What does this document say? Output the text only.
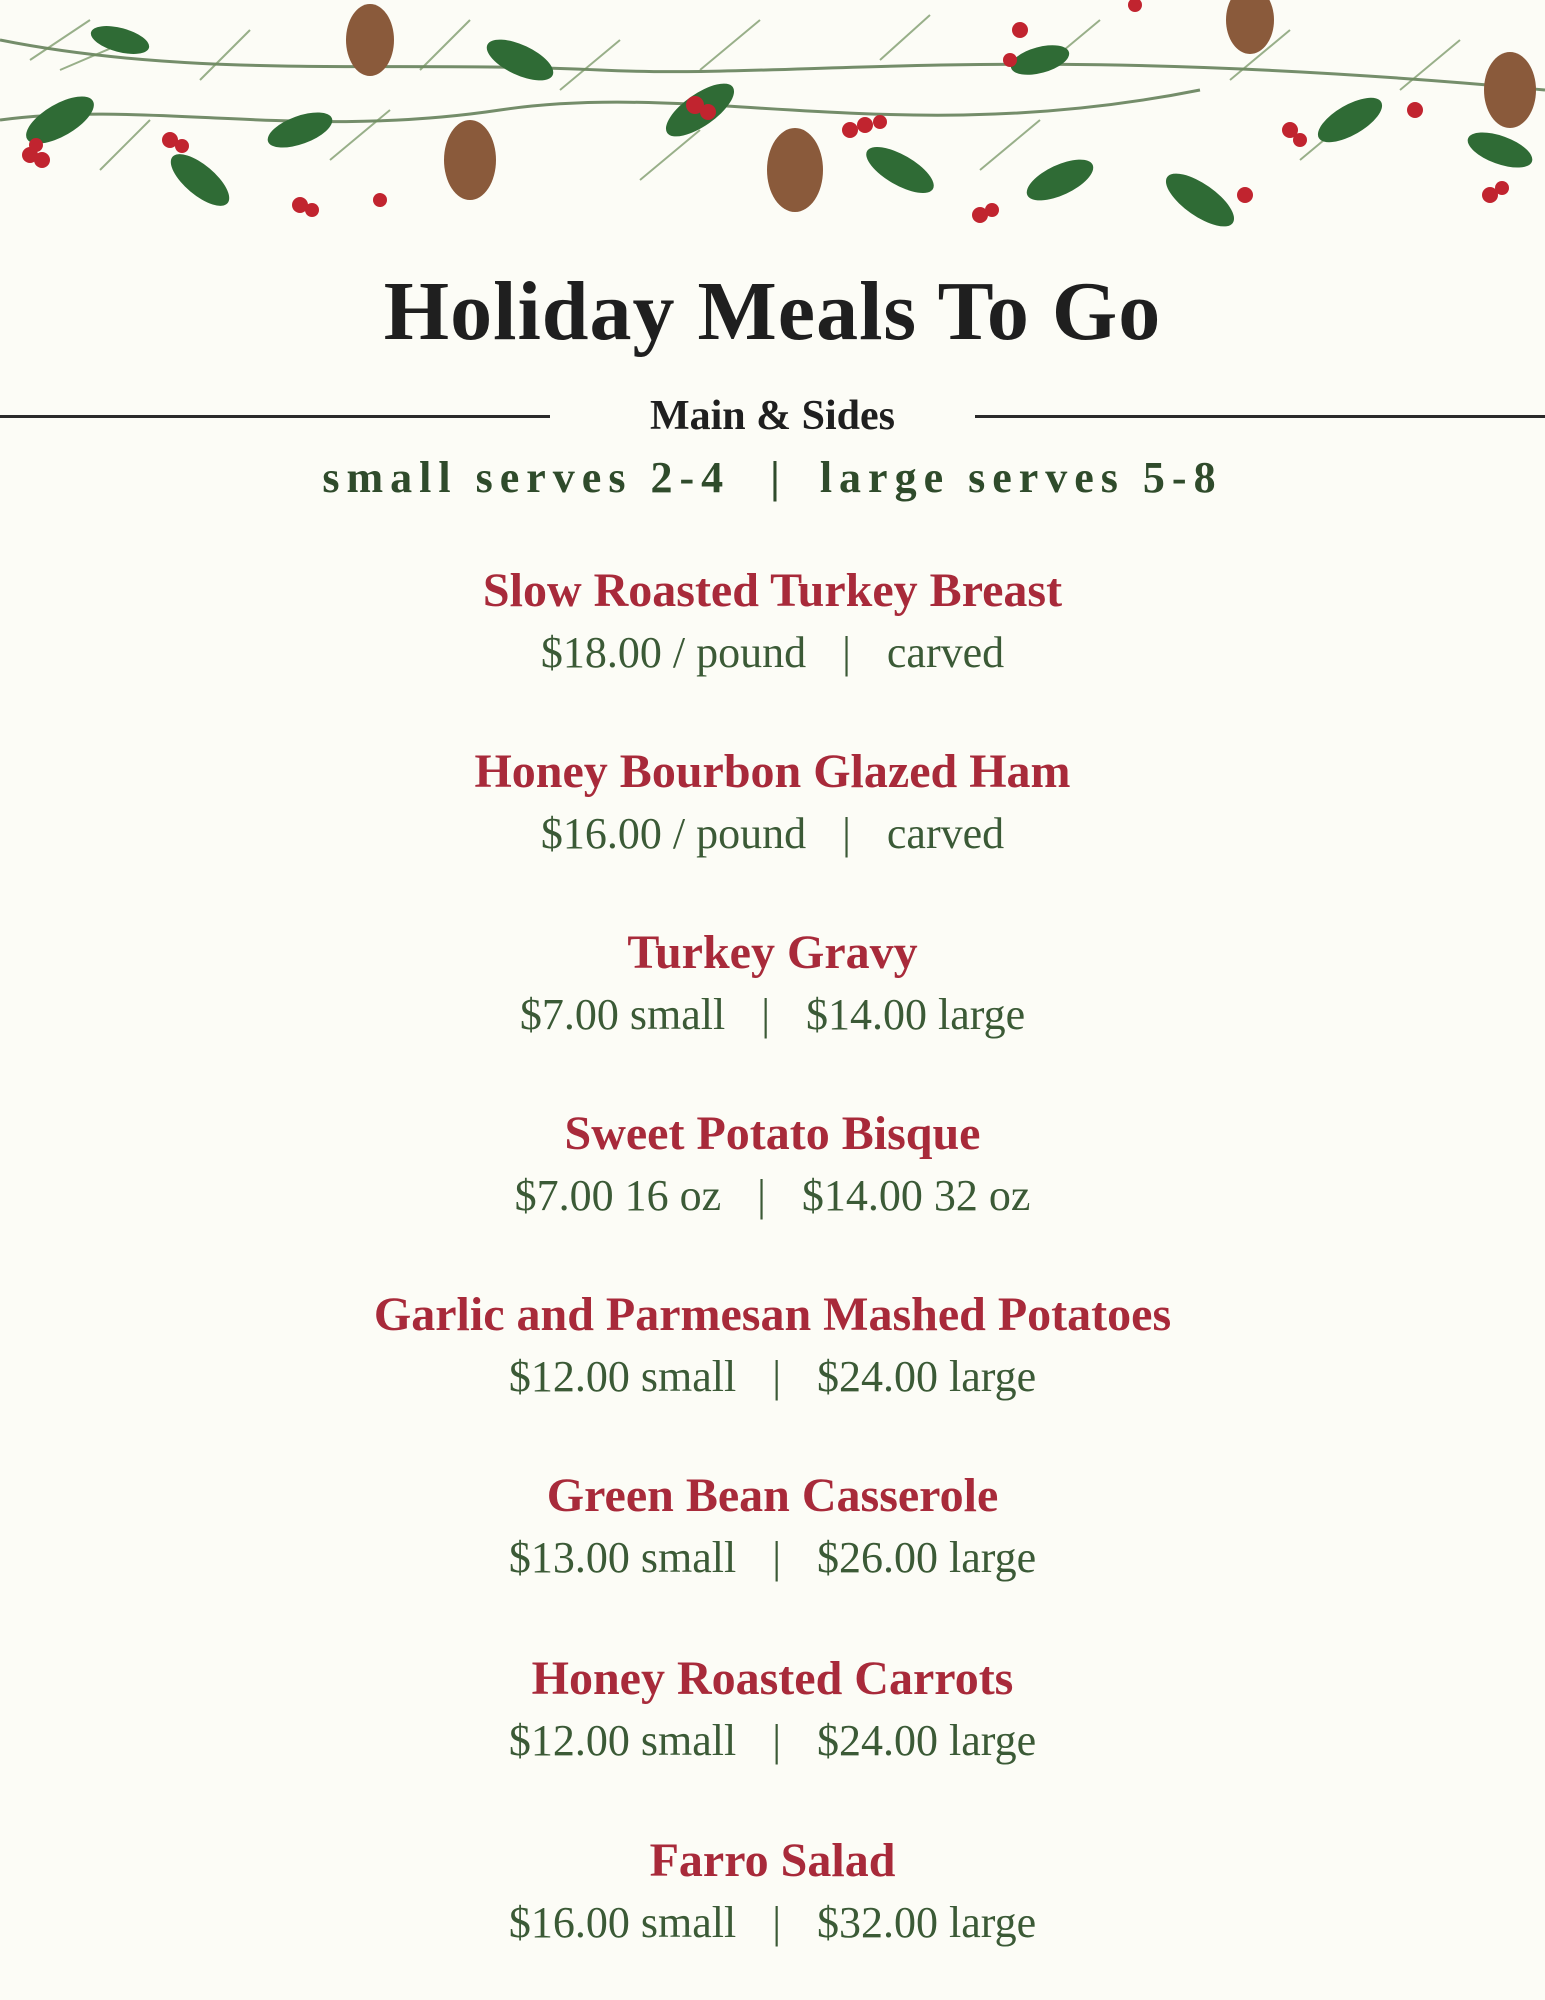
Holiday Meals To Go
Main & Sides
small serves 2-4 | large serves 5-8
Slow Roasted Turkey Breast
$18.00 / pound | carved
Honey Bourbon Glazed Ham
$16.00 / pound | carved
Turkey Gravy
$7.00 small | $14.00 large
Sweet Potato Bisque
$7.00 16 oz | $14.00 32 oz
Garlic and Parmesan Mashed Potatoes
$12.00 small | $24.00 large
Green Bean Casserole
$13.00 small | $26.00 large
Honey Roasted Carrots
$12.00 small | $24.00 large
Farro Salad
$16.00 small | $32.00 large
